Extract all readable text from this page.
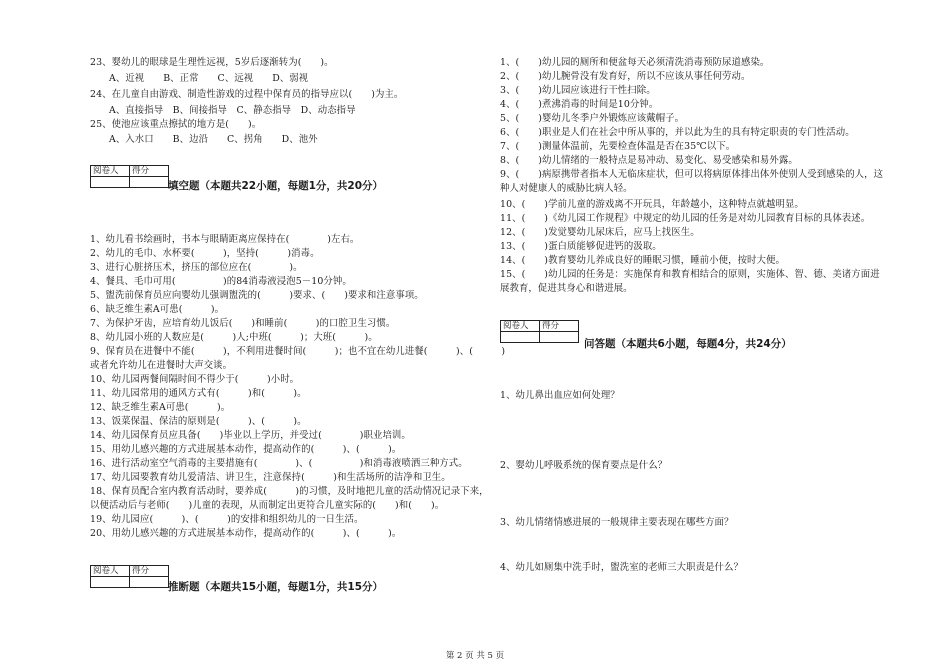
23、婴幼儿的眼球是生理性远视，5岁后逐渐转为(　　)。
　　A、近视　　B、正常　　C、远视　　D、弱视
24、在儿童自由游戏、制造性游戏的过程中保育员的指导应以(　　)为主。
　　A、直接指导　B、间接指导　C、静态指导　D、动态指导
25、使池应该重点擦拭的地方是(　　)。
　　A、入水口　　B、边沿　　C、拐角　　D、池外
阅卷人	得分

填空题（本题共22小题，每题1分，共20分）
1、幼儿看书绘画时，书本与眼睛距离应保持在(　　　　)左右。
2、幼儿的毛巾、水杯要(　　　)，坚持(　　　)消毒。
3、进行心脏挤压术，挤压的部位应在(　　　　)。
4、餐具、毛巾可用(　　　　　)的84消毒液浸泡5－10分钟。
5、盥洗前保育员应向婴幼儿强调盥洗的(　　　)要求、(　　)要求和注意事项。
6、缺乏维生素A可患(　　　)。
7、为保护牙齿，应培育幼儿饭后(　　)和睡前(　　　)的口腔卫生习惯。
8、幼儿园小班的人数应是(　　　)人;中班(　　　)；大班(　　　)。
9、保育员在进餐中不能(　　　)，不利用进餐时间(　　　)；也不宜在幼儿进餐(　　　)、(　　　)
或者允许幼儿在进餐时大声交谈。
10、幼儿园两餐间隔时间不得少于(　　　)小时。
11、幼儿园常用的通风方式有(　　　)和(　　　)。
12、缺乏维生素A可患(　　　)。
13、饭菜保温、保洁的原则是(　　　)、(　　　)。
14、幼儿园保育员应具备(　　)毕业以上学历，并受过(　　　　)职业培训。
15、用幼儿感兴趣的方式进展基本动作，提高动作的(　　　)、(　　　)。
16、进行活动室空气消毒的主要措施有(　　　　)、(　　　　　)和消毒液喷洒三种方式。
17、幼儿园要教育幼儿爱清洁、讲卫生，注意保持(　　　)和生活场所的洁净和卫生。
18、保育员配合室内教育活动时，要养成(　　　)的习惯，及时地把儿童的活动情况记录下来，
以便活动后与老师(　　)儿童的表现，从而制定出更符合儿童实际的(　　)和(　　)。
19、幼儿园应(　　　)、(　　　)的安排和组织幼儿的一日生活。
20、用幼儿感兴趣的方式进展基本动作，提高动作的(　　　)、(　　　)。
阅卷人	得分

推断题（本题共15小题，每题1分，共15分）
1、(　　)幼儿园的厕所和便盆每天必须清洗消毒预防尿道感染。
2、(　　)幼儿腕骨没有发育好，所以不应该从事任何劳动。
3、(　　)幼儿园应该进行干性扫除。
4、(　　)煮沸消毒的时间是10分钟。
5、(　　)婴幼儿冬季户外锻炼应该戴帽子。
6、(　　)职业是人们在社会中所从事的，并以此为生的具有特定职责的专门性活动。
7、(　　)测量体温前，先要检查体温是否在35℃以下。
8、(　　)幼儿情绪的一般特点是易冲动、易变化、易受感染和易外露。
9、(　　)病原携带者指本人无临床症状，但可以将病原体排出体外使别人受到感染的人，这
种人对健康人的威胁比病人轻。
10、(　　)学前儿童的游戏离不开玩具，年龄越小，这种特点就越明显。
11、(　　)《幼儿园工作规程》中规定的幼儿园的任务是对幼儿园教育目标的具体表述。
12、(　　)发觉婴幼儿尿床后，应马上找医生。
13、(　　)蛋白质能够促进钙的汲取。
14、(　　)教育婴幼儿养成良好的睡眠习惯，睡前小便，按时大便。
15、(　　)幼儿园的任务是：实施保育和教育相结合的原则，实施体、智、德、美诸方面进
展教育，促进其身心和谐进展。
阅卷人	得分

问答题（本题共6小题，每题4分，共24分）
1、幼儿鼻出血应如何处理？
2、婴幼儿呼吸系统的保育要点是什么？
3、幼儿情绪情感进展的一般规律主要表现在哪些方面？
4、幼儿如厕集中洗手时，盥洗室的老师三大职责是什么？
第 2 页 共 5 页
